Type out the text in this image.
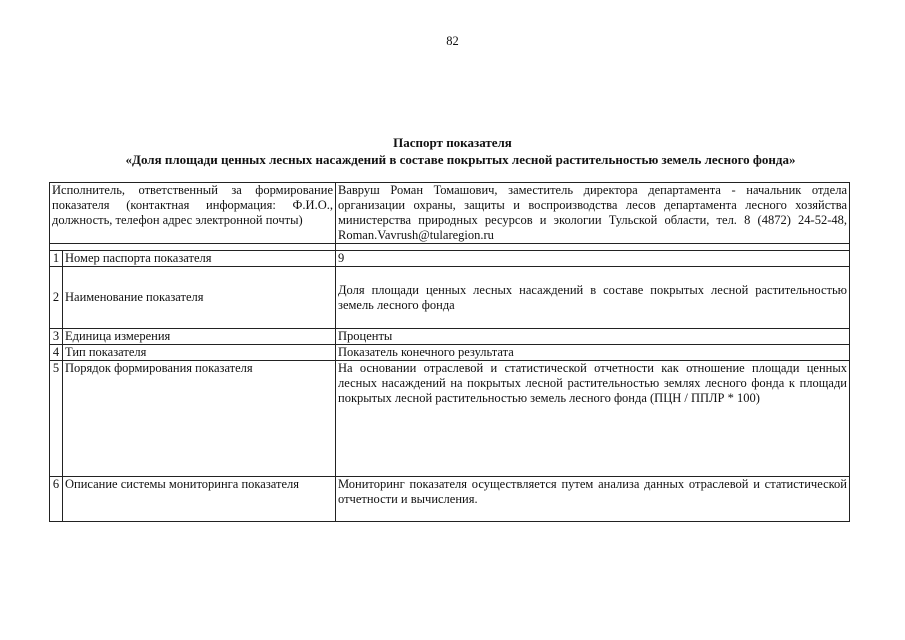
82
Паспорт показателя
«Доля площади ценных лесных насаждений в составе покрытых лесной растительностью земель лесного фонда»
Исполнитель, ответственный за формирование показателя (контактная информация: Ф.И.О., должность, телефон адрес электронной почты)		Вавруш Роман Томашович, заместитель директора департамента - начальник отдела организации охраны, защиты и воспроизводства лесов департамента лесного хозяйства министерства природных ресурсов и экологии Тульской области, тел. 8 (4872) 24-52-48, Roman.Vavrush@tularegion.ru

1	Номер паспорта показателя	9
2	Наименование показателя	Доля площади ценных лесных насаждений в составе покрытых лесной растительностью земель лесного фонда
3	Единица измерения	Проценты
4	Тип показателя	Показатель конечного результата
5	Порядок формирования показателя	На основании отраслевой и статистической отчетности как отношение площади ценных лесных насаждений на покрытых лесной растительностью землях лесного фонда к площади покрытых лесной растительностью земель лесного фонда (ПЦН / ППЛР * 100)
6	Описание системы мониторинга показателя	Мониторинг показателя осуществляется путем анализа данных отраслевой и статистической отчетности и вычисления.
